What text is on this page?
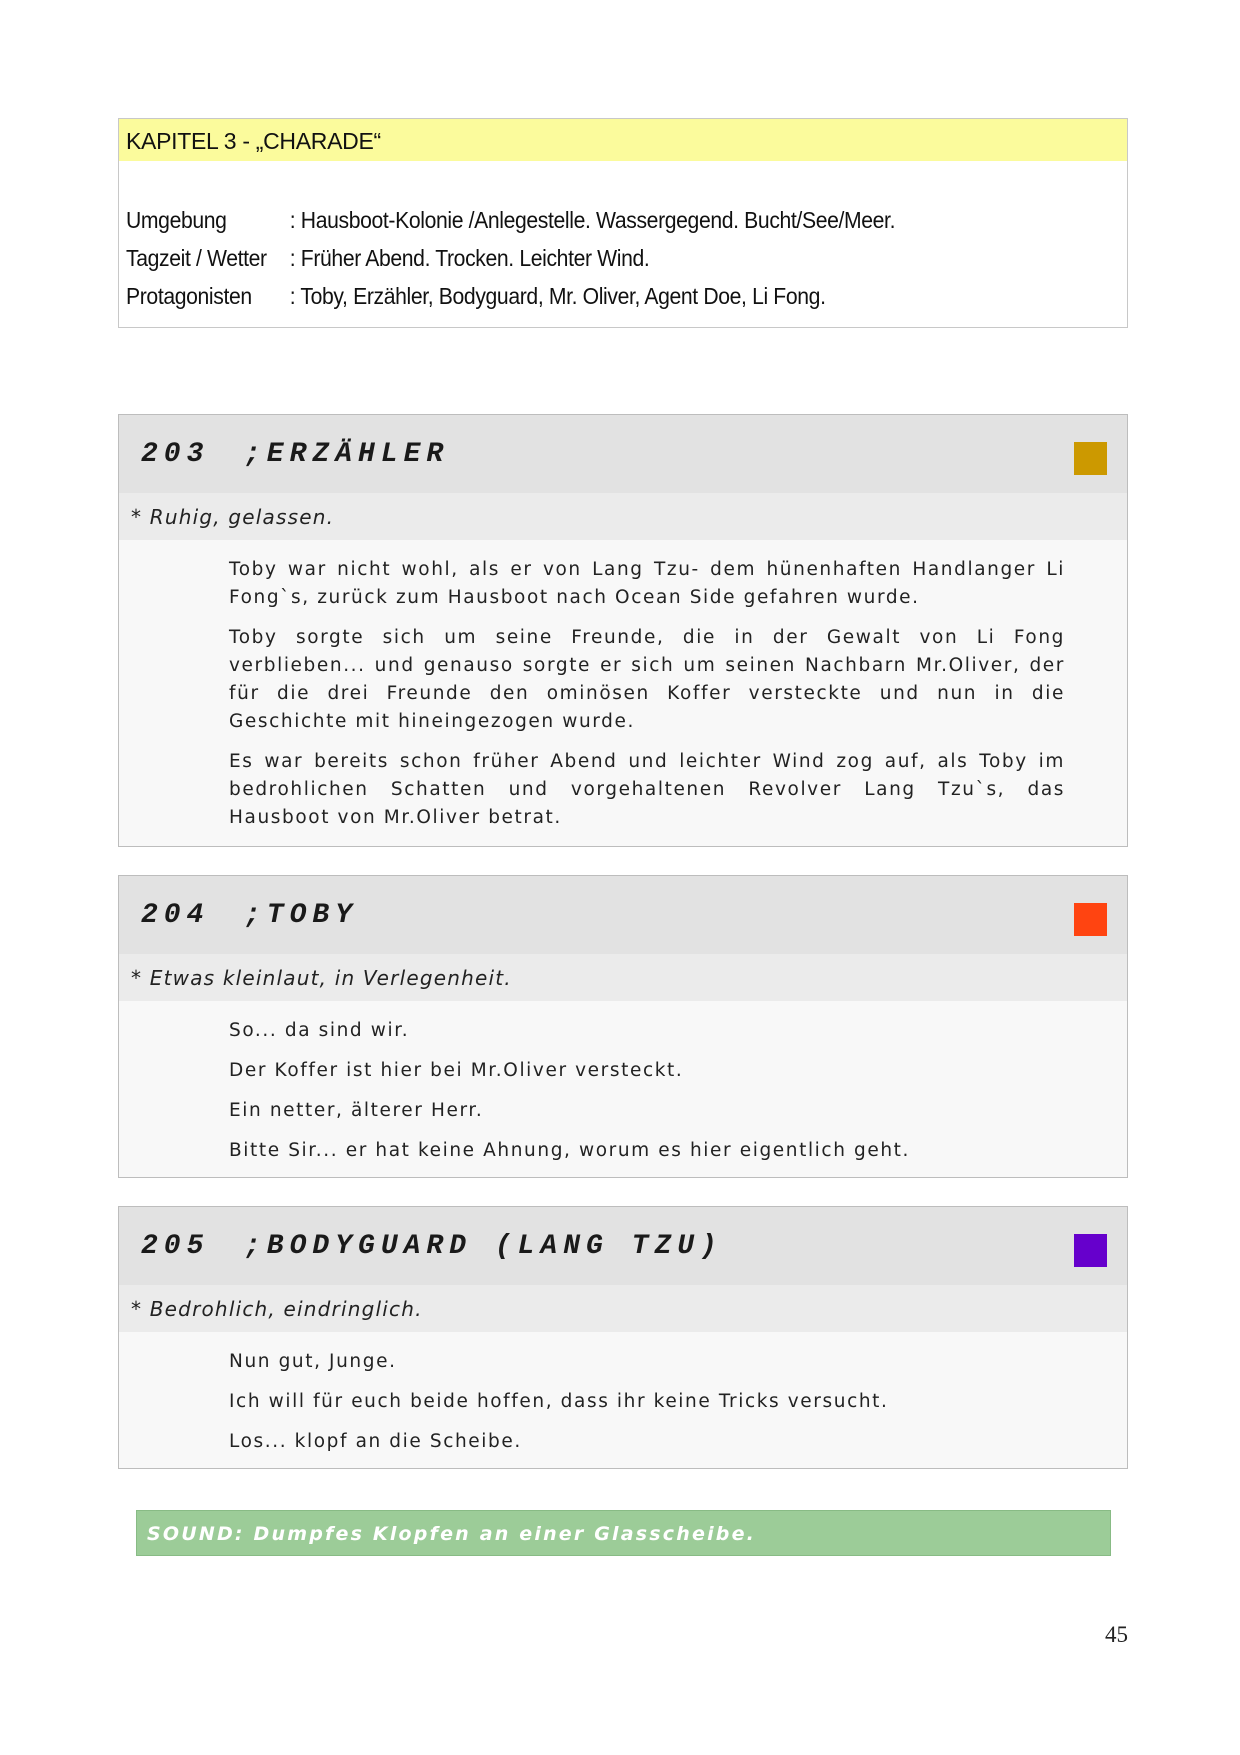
KAPITEL 3 - „CHARADE“
Umgebung	: Hausboot-Kolonie /Anlegestelle. Wassergegend. Bucht/See/Meer.
Tagzeit / Wetter : Früher Abend. Trocken. Leichter Wind.
Protagonisten : Toby, Erzähler, Bodyguard, Mr. Oliver, Agent Doe, Li Fong.
203 ;ERZÄHLER
* Ruhig, gelassen.

Toby war nicht wohl, als er von Lang Tzu- dem hünenhaften Handlanger Li Fong`s, zurück zum Hausboot nach Ocean Side gefahren wurde.

Toby sorgte sich um seine Freunde, die in der Gewalt von Li Fong verblieben... und genauso sorgte er sich um seinen Nachbarn Mr.Oliver, der für die drei Freunde den ominösen Koffer versteckte und nun in die Geschichte mit hineingezogen wurde.

Es war bereits schon früher Abend und leichter Wind zog auf, als Toby im bedrohlichen Schatten und vorgehaltenen Revolver Lang Tzu`s, das Hausboot von Mr.Oliver betrat.

204 ;TOBY
* Etwas kleinlaut, in Verlegenheit.
So... da sind wir.
Der Koffer ist hier bei Mr.Oliver versteckt.
Ein netter, älterer Herr.
Bitte Sir... er hat keine Ahnung, worum es hier eigentlich geht.
205 ;BODYGUARD (LANG TZU)
* Bedrohlich, eindringlich.
Nun gut, Junge.
Ich will für euch beide hoffen, dass ihr keine Tricks versucht.
Los... klopf an die Scheibe.
SOUND: Dumpfes Klopfen an einer Glasscheibe.
45
